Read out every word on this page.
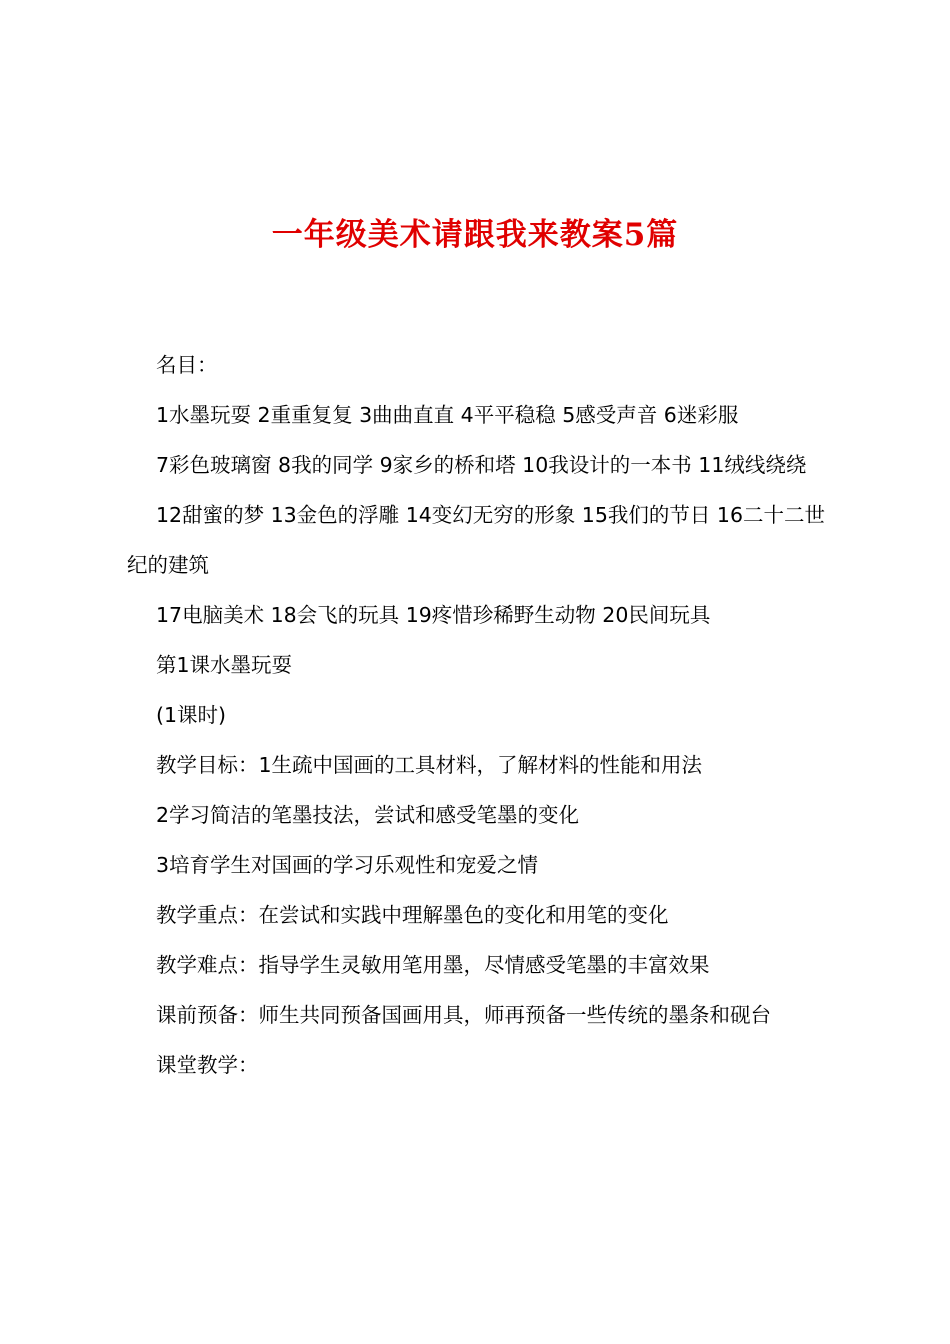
一年级美术请跟我来教案5篇

名目：

1水墨玩耍 2重重复复 3曲曲直直 4平平稳稳 5感受声音 6迷彩服

7彩色玻璃窗 8我的同学 9家乡的桥和塔 10我设计的一本书 11绒线绕绕

12甜蜜的梦 13金色的浮雕 14变幻无穷的形象 15我们的节日 16二十二世纪的建筑

17电脑美术 18会飞的玩具 19疼惜珍稀野生动物 20民间玩具

第1课水墨玩耍

(1课时)

教学目标：1生疏中国画的工具材料，了解材料的性能和用法

2学习简洁的笔墨技法，尝试和感受笔墨的变化

3培育学生对国画的学习乐观性和宠爱之情

教学重点：在尝试和实践中理解墨色的变化和用笔的变化

教学难点：指导学生灵敏用笔用墨，尽情感受笔墨的丰富效果

课前预备：师生共同预备国画用具，师再预备一些传统的墨条和砚台

课堂教学：
